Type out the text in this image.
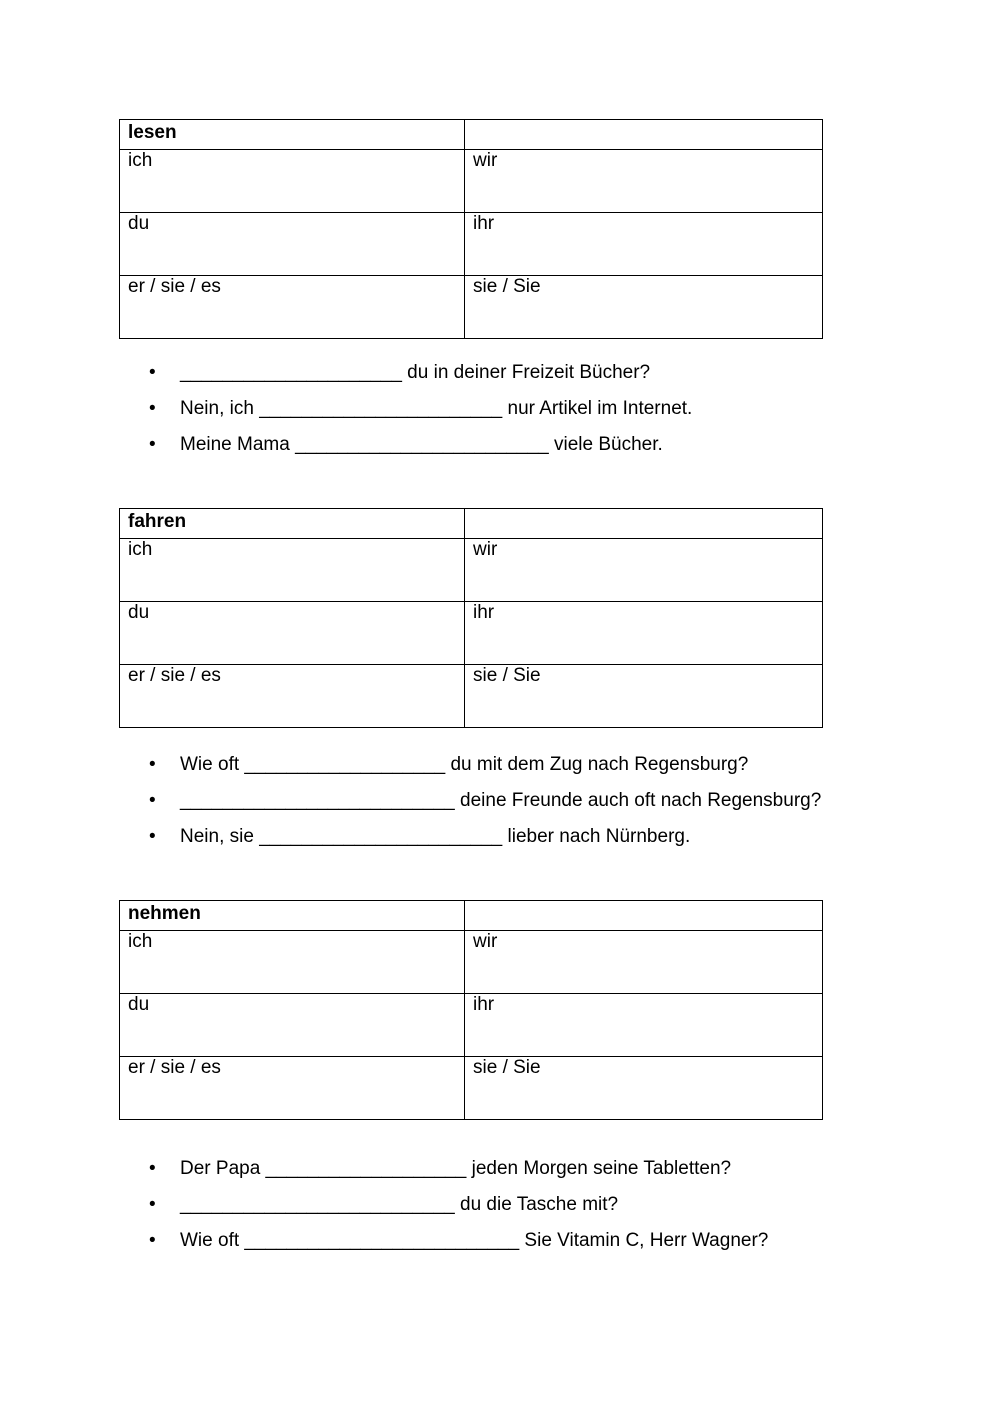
lesen	
ich	wir
du	ihr
er / sie / es	sie / Sie
• _____________________ du in deiner Freizeit Bücher?
• Nein, ich _______________________ nur Artikel im Internet.
• Meine Mama ________________________ viele Bücher.
fahren	
ich	wir
du	ihr
er / sie / es	sie / Sie
• Wie oft ___________________ du mit dem Zug nach Regensburg?
• __________________________ deine Freunde auch oft nach Regensburg?
• Nein, sie _______________________ lieber nach Nürnberg.
nehmen	
ich	wir
du	ihr
er / sie / es	sie / Sie
• Der Papa ___________________ jeden Morgen seine Tabletten?
• __________________________ du die Tasche mit?
• Wie oft __________________________ Sie Vitamin C, Herr Wagner?
